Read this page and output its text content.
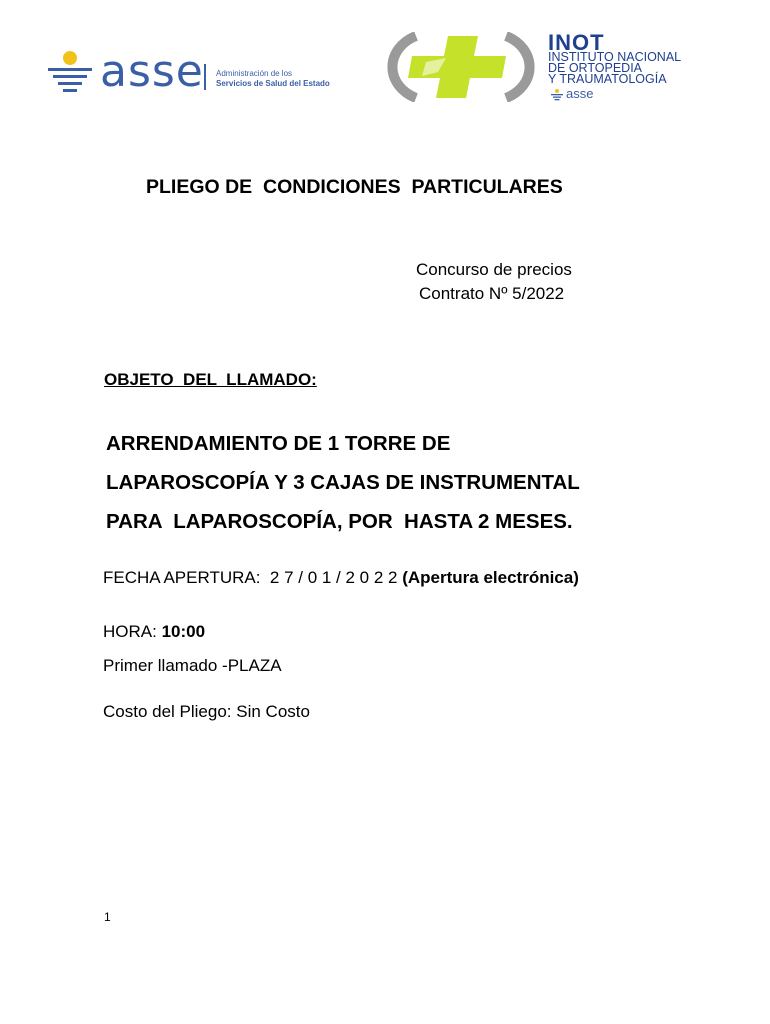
asse Administración de los
Servicios de Salud del Estado
INOT
INSTITUTO NACIONAL
DE ORTOPEDIA
Y TRAUMATOLOGÍA
asse
PLIEGO DE  CONDICIONES  PARTICULARES
Concurso de precios
Contrato Nº 5/2022
OBJETO  DEL  LLAMADO:
ARRENDAMIENTO DE 1 TORRE DE
LAPAROSCOPÍA Y 3 CAJAS DE INSTRUMENTAL
PARA  LAPAROSCOPÍA, POR  HASTA 2 MESES.
FECHA APERTURA:  2 7 / 0 1 / 2 0 2 2 (Apertura electrónica)
HORA: 10:00
Primer llamado -PLAZA
Costo del Pliego: Sin Costo
1
